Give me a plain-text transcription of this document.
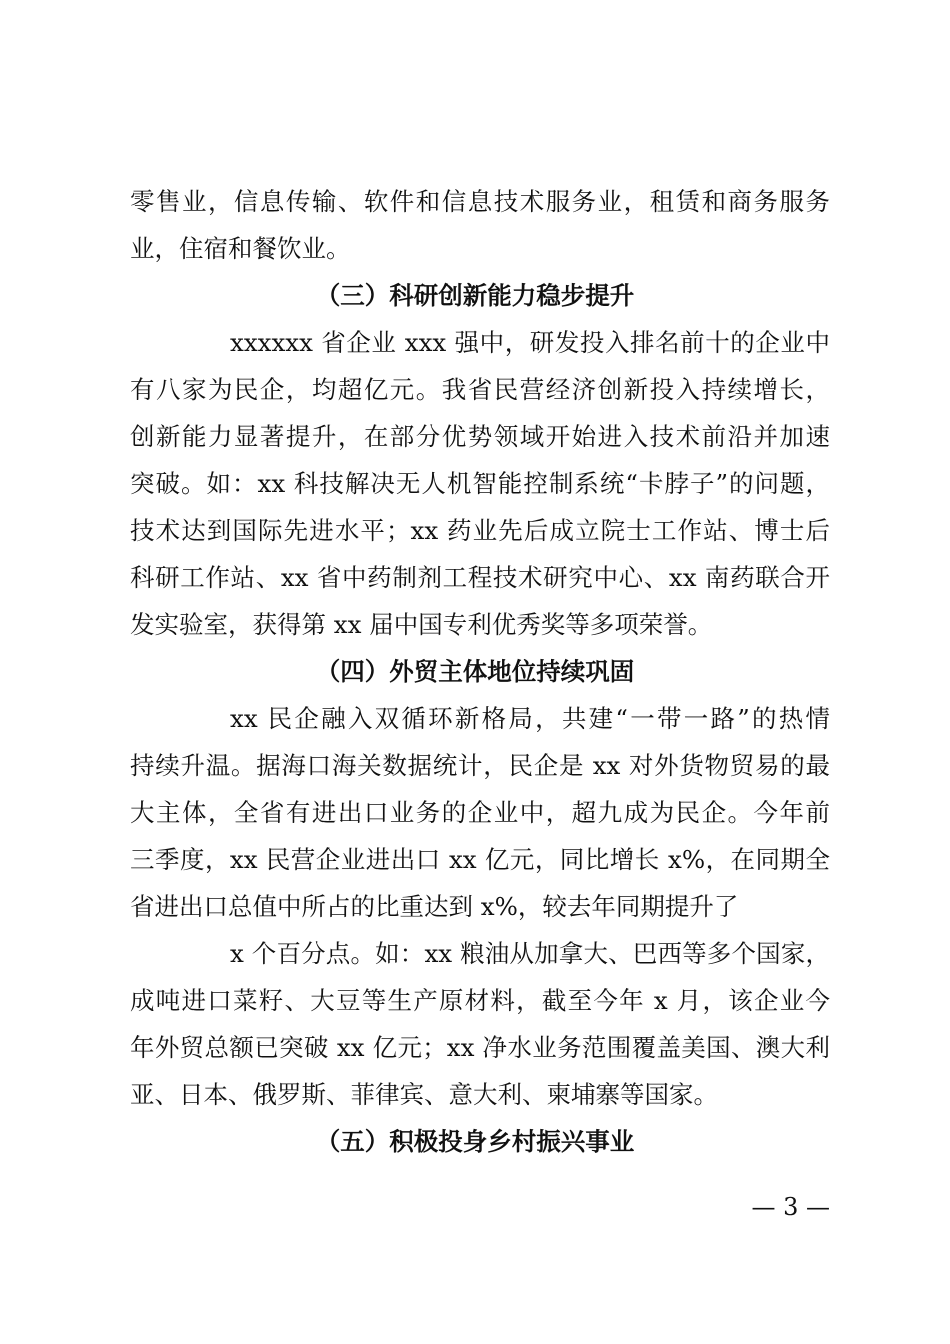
零售业，信息传输、软件和信息技术服务业，租赁和商务服务
业，住宿和餐饮业。
（三）科研创新能力稳步提升
xxxxxx 省企业 xxx 强中，研发投入排名前十的企业中
有八家为民企，均超亿元。我省民营经济创新投入持续增长，
创新能力显著提升，在部分优势领域开始进入技术前沿并加速
突破。如：xx 科技解决无人机智能控制系统“卡脖子”的问题，
技术达到国际先进水平；xx 药业先后成立院士工作站、博士后
科研工作站、xx 省中药制剂工程技术研究中心、xx 南药联合开
发实验室，获得第 xx 届中国专利优秀奖等多项荣誉。
（四）外贸主体地位持续巩固
xx 民企融入双循环新格局，共建“一带一路”的热情
持续升温。据海口海关数据统计，民企是 xx 对外货物贸易的最
大主体，全省有进出口业务的企业中，超九成为民企。今年前
三季度，xx 民营企业进出口 xx 亿元，同比增长 x%，在同期全
省进出口总值中所占的比重达到 x%，较去年同期提升了
x 个百分点。如：xx 粮油从加拿大、巴西等多个国家，
成吨进口菜籽、大豆等生产原材料，截至今年 x 月，该企业今
年外贸总额已突破 xx 亿元；xx 净水业务范围覆盖美国、澳大利
亚、日本、俄罗斯、菲律宾、意大利、柬埔寨等国家。
（五）积极投身乡村振兴事业
— 3 —
